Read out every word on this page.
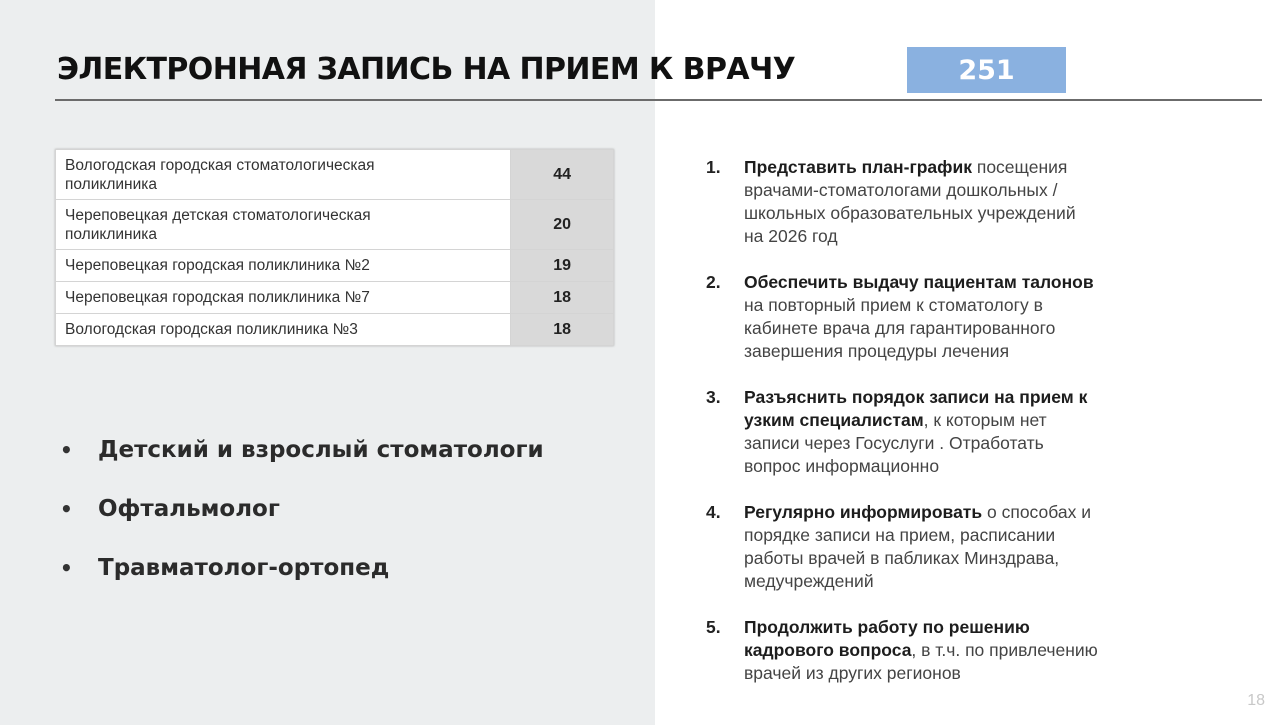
ЭЛЕКТРОННАЯ ЗАПИСЬ НА ПРИЕМ К ВРАЧУ	251
Вологодская городская стоматологическая
поликлиника	44
Череповецкая детская стоматологическая
поликлиника	20
Череповецкая городская поликлиника №2	19
Череповецкая городская поликлиника №7	18
Вологодская городская поликлиника №3	18
• Детский и взрослый стоматологи
• Офтальмолог
• Травматолог-ортопед
1. Представить план-график посещения
врачами-стоматологами дошкольных /
школьных образовательных учреждений
на 2026 год
2. Обеспечить выдачу пациентам талонов
на повторный прием к стоматологу в
кабинете врача для гарантированного
завершения процедуры лечения
3. Разъяснить порядок записи на прием к
узким специалистам, к которым нет
записи через Госуслуги . Отработать
вопрос информационно
4. Регулярно информировать о способах и
порядке записи на прием, расписании
работы врачей в пабликах Минздрава,
медучреждений
5. Продолжить работу по решению
кадрового вопроса, в т.ч. по привлечению
врачей из других регионов
18
